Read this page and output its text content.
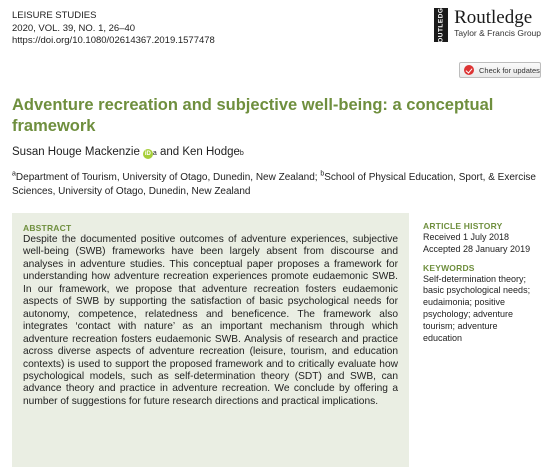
LEISURE STUDIES
2020, VOL. 39, NO. 1, 26–40
https://doi.org/10.1080/02614367.2019.1577478	ROUTLEDGE Routledge
Taylor & Francis Group
Check for updates
Adventure recreation and subjective well-being: a conceptual framework
Susan Houge Mackenzie iD a and Ken Hodge b
$^a$Department of Tourism, University of Otago, Dunedin, New Zealand; $^b$School of Physical Education, Sport, & Exercise Sciences, University of Otago, Dunedin, New Zealand
ABSTRACT

Despite the documented positive outcomes of adventure experiences, subjective well-being (SWB) frameworks have been largely absent from discourse and analyses in adventure studies. This conceptual paper proposes a framework for understanding how adventure recreation experiences promote eudaemonic SWB. In our framework, we propose that adventure recreation fosters eudaemonic aspects of SWB by supporting the satisfaction of basic psychological needs for autonomy, competence, relatedness and beneficence. The framework also integrates ‘contact with nature’ as an important mechanism through which adventure recreation fosters eudaemonic SWB. Analysis of research and practice across diverse aspects of adventure recreation (leisure, tourism, and education contexts) is used to support the proposed framework and to critically evaluate how psychological models, such as self-determination theory (SDT) and SWB, can advance theory and practice in adventure recreation. We conclude by offering a number of suggestions for future research directions and practical implications.

ARTICLE HISTORY
Received 1 July 2018
Accepted 28 January 2019
KEYWORDS
Self-determination theory;
basic psychological needs;
eudaimonia; positive
psychology; adventure
tourism; adventure
education
